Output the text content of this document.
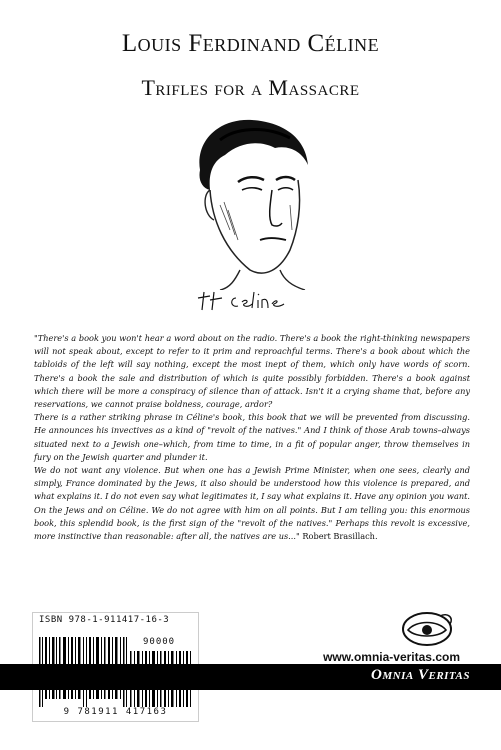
Louis Ferdinand Céline
Trifles for a Massacre

"There's a book you won't hear a word about on the radio. There's a book the right-thinking newspapers will not speak about, except to refer to it prim and reproachful terms. There's a book about which the tabloids of the left will say nothing, except the most inept of them, which only have words of scorn. There's a book the sale and distribution of which is quite possibly forbidden. There's a book against which there will be more a conspiracy of silence than of attack. Isn't it a crying shame that, before any reservations, we cannot praise boldness, courage, ardor?

There is a rather striking phrase in Céline's book, this book that we will be prevented from discussing. He announces his invectives as a kind of "revolt of the natives." And I think of those Arab towns–always situated next to a Jewish one–which, from time to time, in a fit of popular anger, throw themselves in fury on the Jewish quarter and plunder it.

We do not want any violence. But when one has a Jewish Prime Minister, when one sees, clearly and simply, France dominated by the Jews, it also should be understood how this violence is prepared, and what explains it. I do not even say what legitimates it, I say what explains it. Have any opinion you want. On the Jews and on Céline. We do not agree with him on all points. But I am telling you: this enormous book, this splendid book, is the first sign of the "revolt of the natives." Perhaps this revolt is excessive, more instinctive than reasonable: after all, the natives are us..." Robert Brasillach.

ISBN 978-1-911417-16-3
90000
9 781911 417163
www.omnia-veritas.com
Omnia Veritas
